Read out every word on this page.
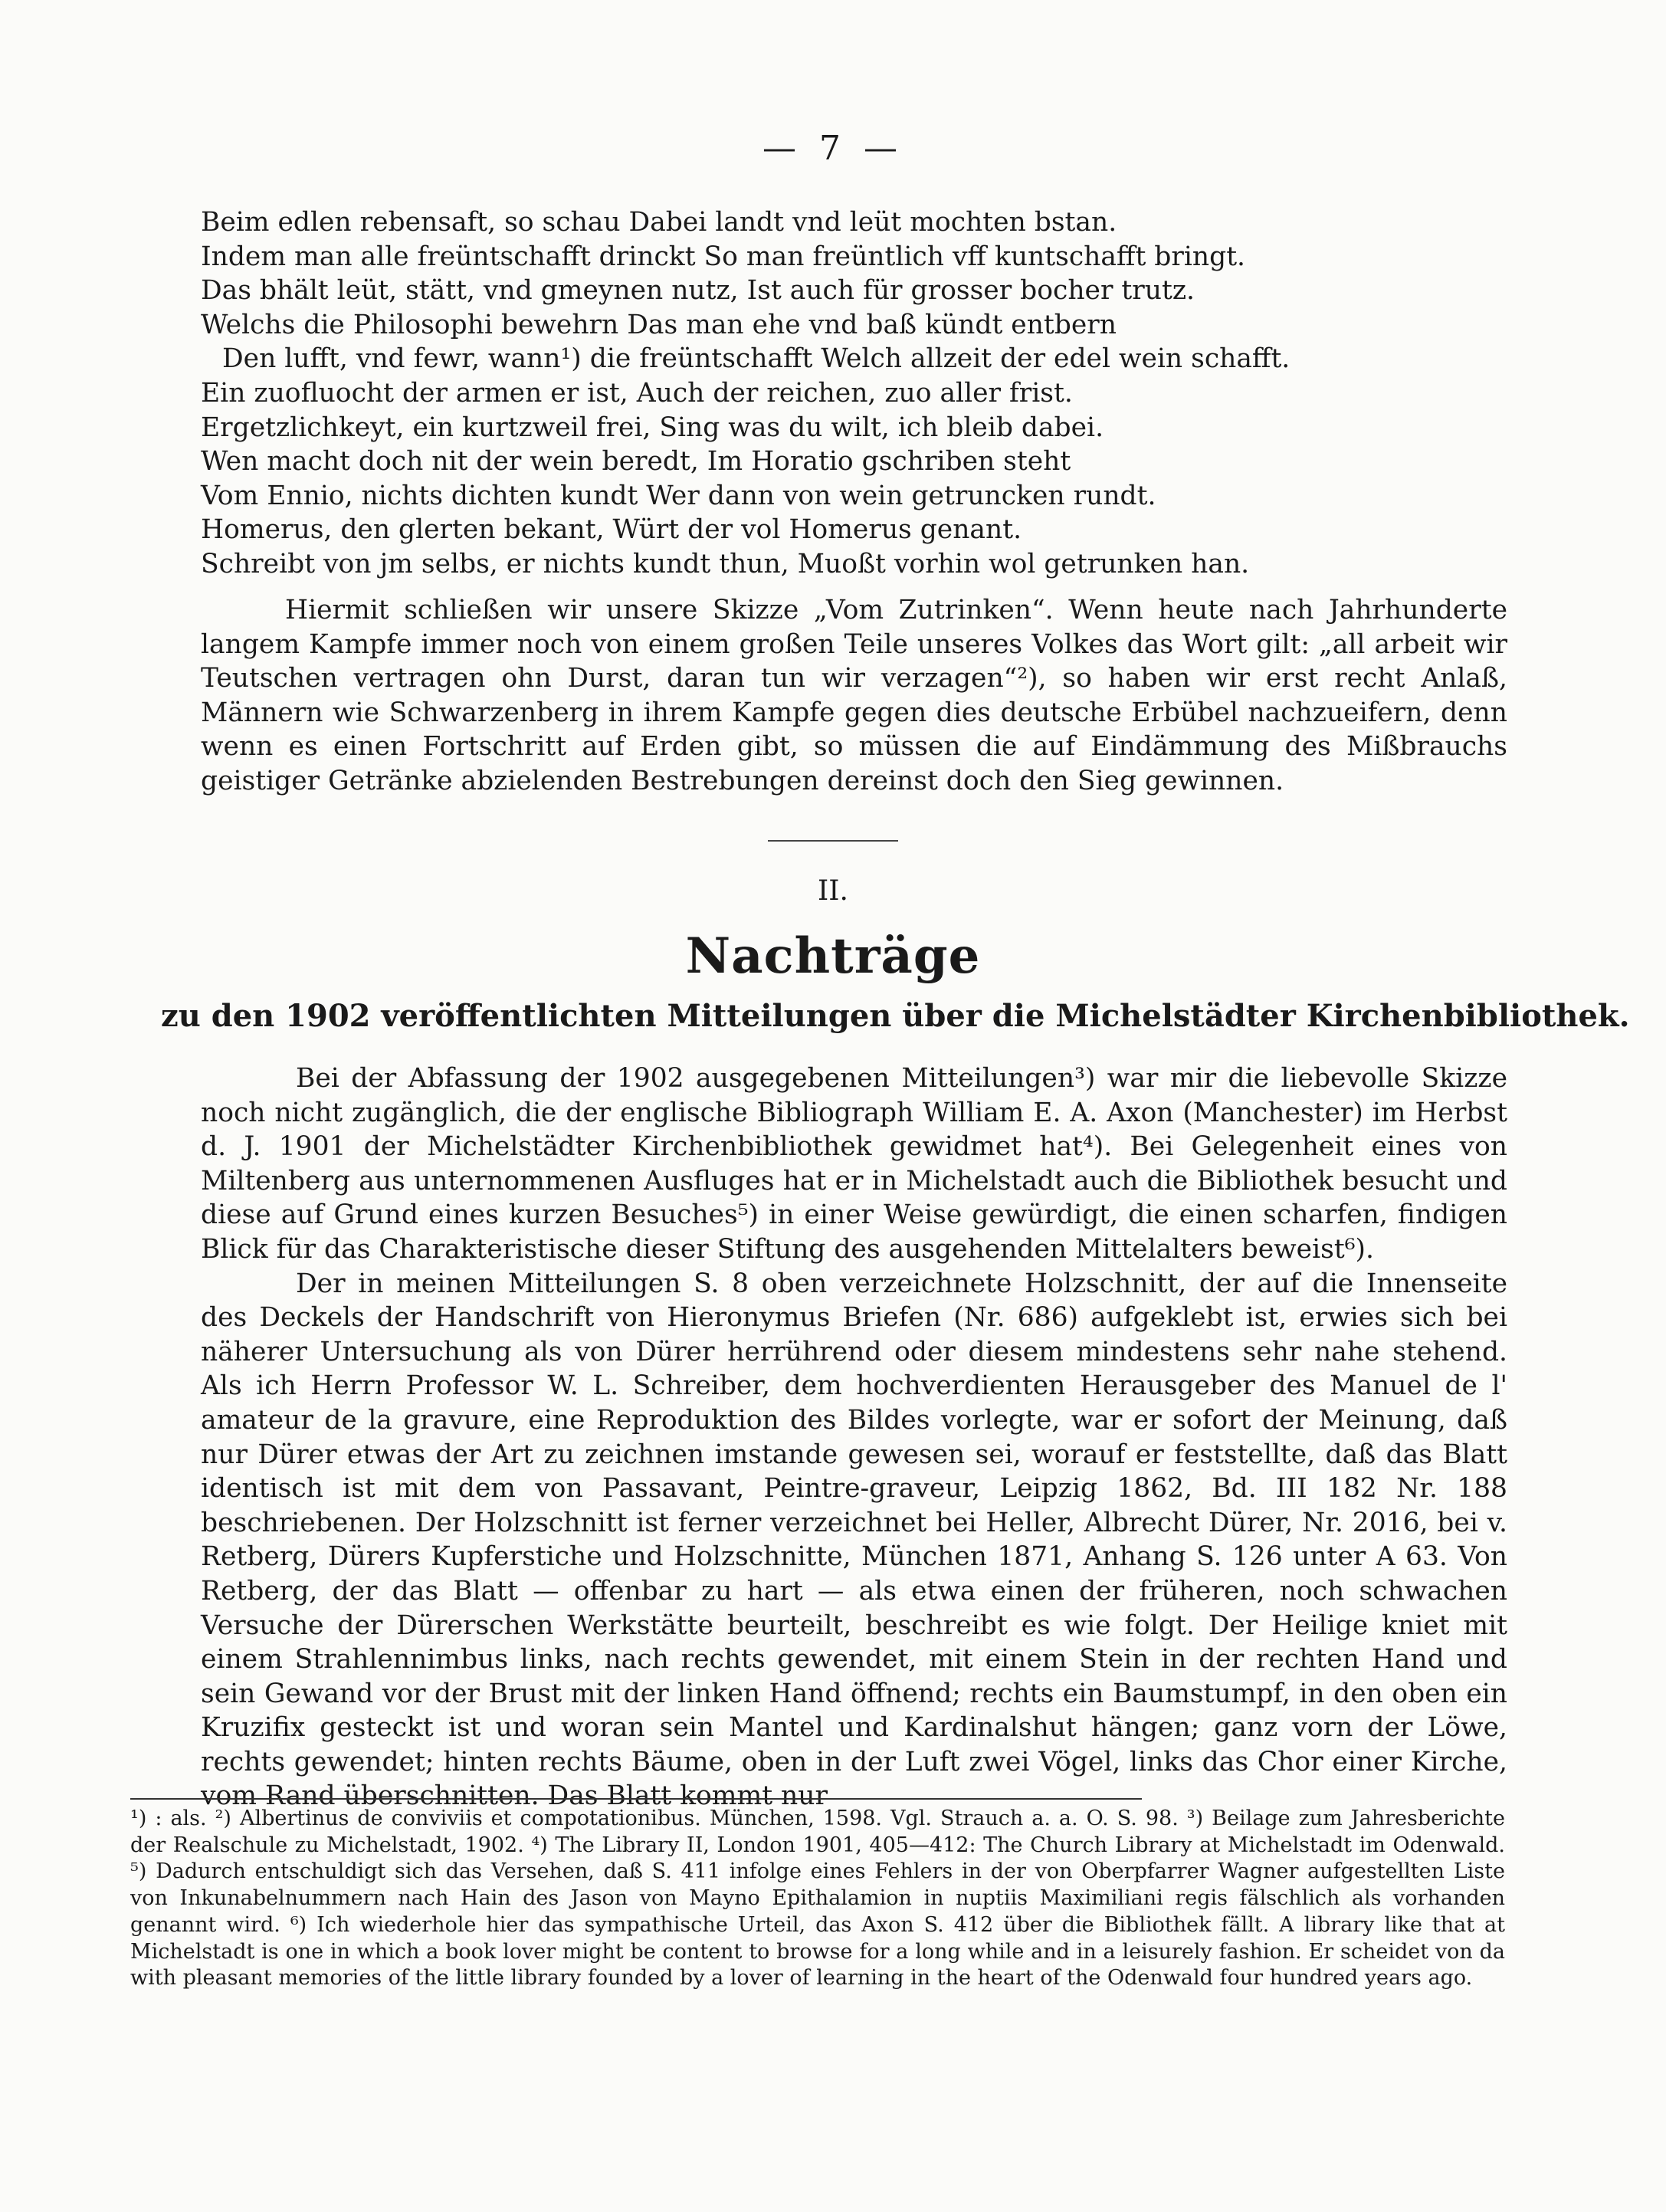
— 7 —
Beim edlen rebensaft, so schau Dabei landt vnd leüt mochten bstan.
Indem man alle freüntschafft drinckt So man freüntlich vff kuntschafft bringt.
Das bhält leüt, stätt, vnd gmeynen nutz, Ist auch für grosser bocher trutz.
Welchs die Philosophi bewehrn Das man ehe vnd baß kündt entbern
Den lufft, vnd fewr, wann¹) die freüntschafft Welch allzeit der edel wein schafft.
Ein zuofluocht der armen er ist, Auch der reichen, zuo aller frist.
Ergetzlichkeyt, ein kurtzweil frei, Sing was du wilt, ich bleib dabei.
Wen macht doch nit der wein beredt, Im Horatio gschriben steht
Vom Ennio, nichts dichten kundt Wer dann von wein getruncken rundt.
Homerus, den glerten bekant, Würt der vol Homerus genant.
Schreibt von jm selbs, er nichts kundt thun, Muoßt vorhin wol getrunken han.

Hiermit schließen wir unsere Skizze „Vom Zutrinken“. Wenn heute nach Jahrhunderte langem Kampfe immer noch von einem großen Teile unseres Volkes das Wort gilt: „all arbeit wir Teutschen vertragen ohn Durst, daran tun wir verzagen“²), so haben wir erst recht Anlaß, Männern wie Schwarzenberg in ihrem Kampfe gegen dies deutsche Erbübel nachzueifern, denn wenn es einen Fortschritt auf Erden gibt, so müssen die auf Eindämmung des Mißbrauchs geistiger Getränke abzielenden Bestrebungen dereinst doch den Sieg gewinnen.

II.
Nachträge
zu den 1902 veröffentlichten Mitteilungen über die Michelstädter Kirchenbibliothek.

Bei der Abfassung der 1902 ausgegebenen Mitteilungen³) war mir die liebevolle Skizze noch nicht zugänglich, die der englische Bibliograph William E. A. Axon (Manchester) im Herbst d. J. 1901 der Michelstädter Kirchenbibliothek gewidmet hat⁴). Bei Gelegenheit eines von Miltenberg aus unternommenen Ausfluges hat er in Michelstadt auch die Bibliothek besucht und diese auf Grund eines kurzen Besuches⁵) in einer Weise gewürdigt, die einen scharfen, findigen Blick für das Charakteristische dieser Stiftung des ausgehenden Mittelalters beweist⁶).

Der in meinen Mitteilungen S. 8 oben verzeichnete Holzschnitt, der auf die Innenseite des Deckels der Handschrift von Hieronymus Briefen (Nr. 686) aufgeklebt ist, erwies sich bei näherer Untersuchung als von Dürer herrührend oder diesem mindestens sehr nahe stehend. Als ich Herrn Professor W. L. Schreiber, dem hochverdienten Herausgeber des Manuel de l' amateur de la gravure, eine Reproduktion des Bildes vorlegte, war er sofort der Meinung, daß nur Dürer etwas der Art zu zeichnen imstande gewesen sei, worauf er feststellte, daß das Blatt identisch ist mit dem von Passavant, Peintre-graveur, Leipzig 1862, Bd. III 182 Nr. 188 beschriebenen. Der Holzschnitt ist ferner verzeichnet bei Heller, Albrecht Dürer, Nr. 2016, bei v. Retberg, Dürers Kupferstiche und Holzschnitte, München 1871, Anhang S. 126 unter A 63. Von Retberg, der das Blatt — offenbar zu hart — als etwa einen der früheren, noch schwachen Versuche der Dürerschen Werkstätte beurteilt, beschreibt es wie folgt. Der Heilige kniet mit einem Strahlennimbus links, nach rechts gewendet, mit einem Stein in der rechten Hand und sein Gewand vor der Brust mit der linken Hand öffnend; rechts ein Baumstumpf, in den oben ein Kruzifix gesteckt ist und woran sein Mantel und Kardinalshut hängen; ganz vorn der Löwe, rechts gewendet; hinten rechts Bäume, oben in der Luft zwei Vögel, links das Chor einer Kirche, vom Rand überschnitten. Das Blatt kommt nur

¹) : als. ²) Albertinus de conviviis et compotationibus. München, 1598. Vgl. Strauch a. a. O. S. 98. ³) Beilage zum Jahresberichte der Realschule zu Michelstadt, 1902. ⁴) The Library II, London 1901, 405—412: The Church Library at Michelstadt im Odenwald. ⁵) Dadurch entschuldigt sich das Versehen, daß S. 411 infolge eines Fehlers in der von Oberpfarrer Wagner aufgestellten Liste von Inkunabelnummern nach Hain des Jason von Mayno Epithalamion in nuptiis Maximiliani regis fälschlich als vorhanden genannt wird. ⁶) Ich wiederhole hier das sympathische Urteil, das Axon S. 412 über die Bibliothek fällt. A library like that at Michelstadt is one in which a book lover might be content to browse for a long while and in a leisurely fashion. Er scheidet von da with pleasant memories of the little library founded by a lover of learning in the heart of the Odenwald four hundred years ago.
